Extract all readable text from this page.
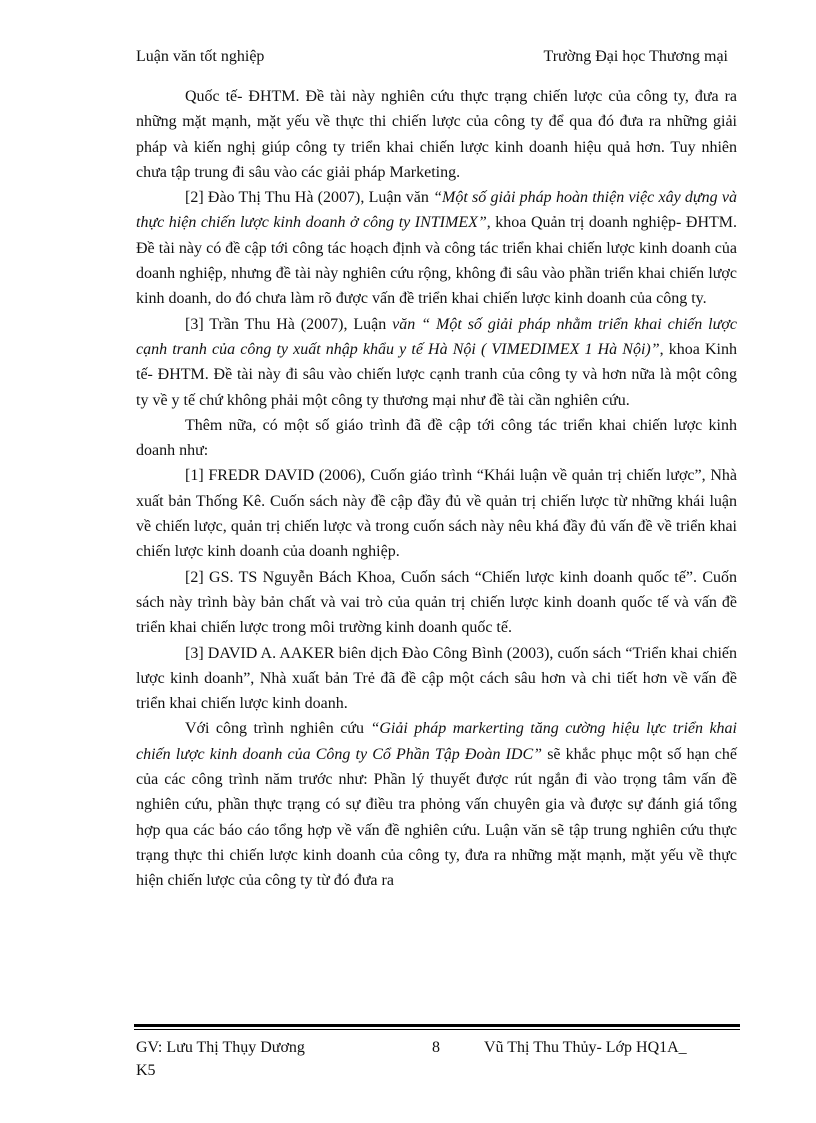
Luận văn tốt nghiệp	Trường Đại học Thương mại

Quốc tế- ĐHTM. Đề tài này nghiên cứu thực trạng chiến lược của công ty, đưa ra những mặt mạnh, mặt yếu về thực thi chiến lược của công ty để qua đó đưa ra những giải pháp và kiến nghị giúp công ty triển khai chiến lược kinh doanh hiệu quả hơn. Tuy nhiên chưa tập trung đi sâu vào các giải pháp Marketing.

[2] Đào Thị Thu Hà (2007), Luận văn “Một số giải pháp hoàn thiện việc xây dựng và thực hiện chiến lược kinh doanh ở công ty INTIMEX”, khoa Quản trị doanh nghiệp- ĐHTM. Đề tài này có đề cập tới công tác hoạch định và công tác triển khai chiến lược kinh doanh của doanh nghiệp, nhưng đề tài này nghiên cứu rộng, không đi sâu vào phần triển khai chiến lược kinh doanh, do đó chưa làm rõ được vấn đề triển khai chiến lược kinh doanh của công ty.

[3] Trần Thu Hà (2007), Luận văn “ Một số giải pháp nhằm triển khai chiến lược cạnh tranh của công ty xuất nhập khẩu y tế Hà Nội ( VIMEDIMEX 1 Hà Nội)”, khoa Kinh tế- ĐHTM. Đề tài này đi sâu vào chiến lược cạnh tranh của công ty và hơn nữa là một công ty về y tế chứ không phải một công ty thương mại như đề tài cần nghiên cứu.

Thêm nữa, có một số giáo trình đã đề cập tới công tác triển khai chiến lược kinh doanh như:

[1] FREDR DAVID (2006), Cuốn giáo trình “Khái luận về quản trị chiến lược”, Nhà xuất bản Thống Kê. Cuốn sách này đề cập đầy đủ về quản trị chiến lược từ những khái luận về chiến lược, quản trị chiến lược và trong cuốn sách này nêu khá đầy đủ vấn đề về triển khai chiến lược kinh doanh của doanh nghiệp.

[2] GS. TS Nguyễn Bách Khoa, Cuốn sách “Chiến lược kinh doanh quốc tế”. Cuốn sách này trình bày bản chất và vai trò của quản trị chiến lược kinh doanh quốc tế và vấn đề triển khai chiến lược trong môi trường kinh doanh quốc tế.

[3] DAVID A. AAKER biên dịch Đào Công Bình (2003), cuốn sách “Triển khai chiến lược kinh doanh”, Nhà xuất bản Trẻ đã đề cập một cách sâu hơn và chi tiết hơn về vấn đề triển khai chiến lược kinh doanh.

Với công trình nghiên cứu “Giải pháp markerting tăng cường hiệu lực triển khai chiến lược kinh doanh của Công ty Cổ Phần Tập Đoàn IDC” sẽ khắc phục một số hạn chế của các công trình năm trước như: Phần lý thuyết được rút ngắn đi vào trọng tâm vấn đề nghiên cứu, phần thực trạng có sự điều tra phỏng vấn chuyên gia và được sự đánh giá tổng hợp qua các báo cáo tổng hợp về vấn đề nghiên cứu. Luận văn sẽ tập trung nghiên cứu thực trạng thực thi chiến lược kinh doanh của công ty, đưa ra những mặt mạnh, mặt yếu về thực hiện chiến lược của công ty từ đó đưa ra

GV: Lưu Thị Thụy Dương	8	Vũ Thị Thu Thủy- Lớp HQ1A_
K5
